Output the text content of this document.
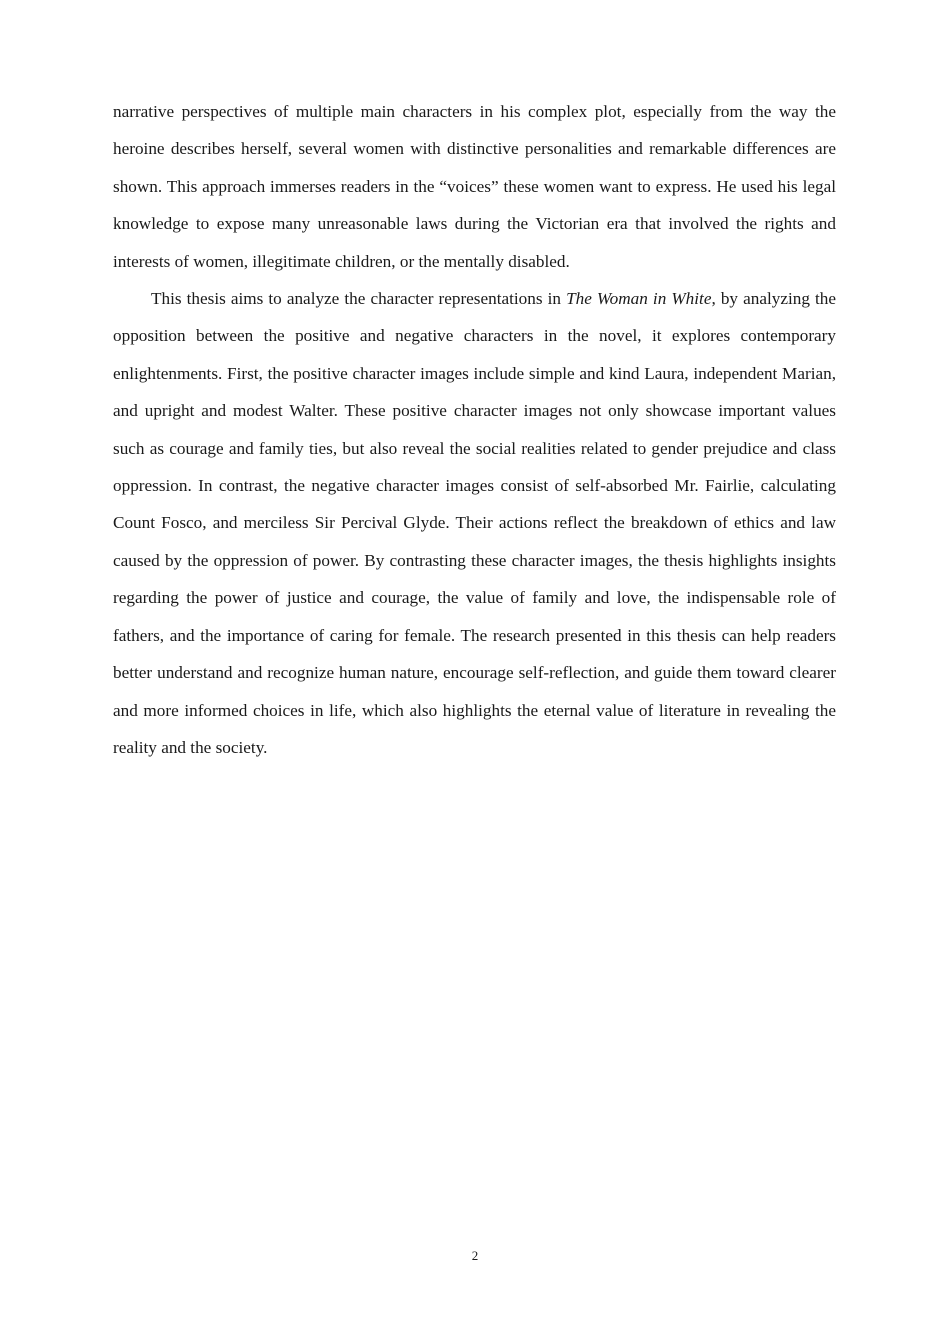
narrative perspectives of multiple main characters in his complex plot, especially from the way the heroine describes herself, several women with distinctive personalities and remarkable differences are shown. This approach immerses readers in the “voices” these women want to express. He used his legal knowledge to expose many unreasonable laws during the Victorian era that involved the rights and interests of women, illegitimate children, or the mentally disabled.

This thesis aims to analyze the character representations in The Woman in White, by analyzing the opposition between the positive and negative characters in the novel, it explores contemporary enlightenments. First, the positive character images include simple and kind Laura, independent Marian, and upright and modest Walter. These positive character images not only showcase important values such as courage and family ties, but also reveal the social realities related to gender prejudice and class oppression. In contrast, the negative character images consist of self-absorbed Mr. Fairlie, calculating Count Fosco, and merciless Sir Percival Glyde. Their actions reflect the breakdown of ethics and law caused by the oppression of power. By contrasting these character images, the thesis highlights insights regarding the power of justice and courage, the value of family and love, the indispensable role of fathers, and the importance of caring for female. The research presented in this thesis can help readers better understand and recognize human nature, encourage self-reflection, and guide them toward clearer and more informed choices in life, which also highlights the eternal value of literature in revealing the reality and the society.

2
